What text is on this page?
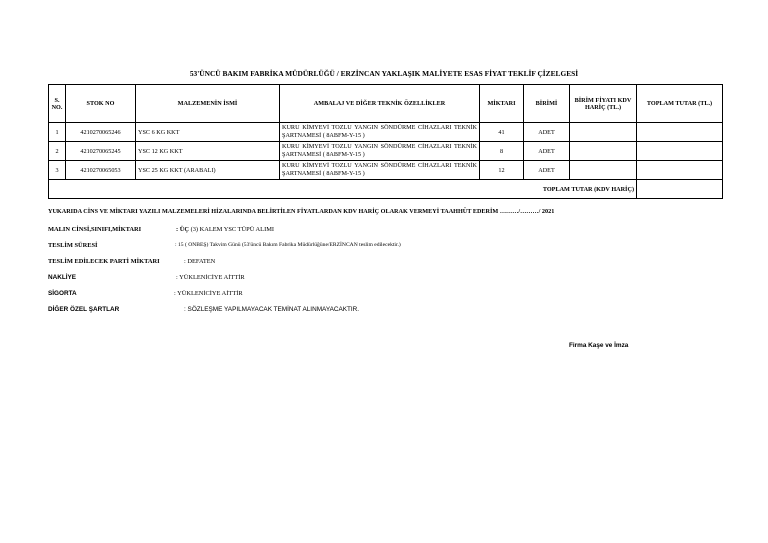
53'ÜNCÜ BAKIM FABRİKA MÜDÜRLÜĞÜ / ERZİNCAN YAKLAŞIK MALİYETE ESAS FİYAT TEKLİF ÇİZELGESİ
S. NO.	STOK NO	MALZEMENİN İSMİ	AMBALAJ VE DİĞER TEKNİK ÖZELLİKLER	MİKTARI	BİRİMİ	BİRİM FİYATI KDV HARİÇ (TL.)	TOPLAM TUTAR (TL.)
1	4210270065246	YSC 6 KG KKT	KURU KİMYEVİ TOZLU YANGIN SÖNDÜRME CİHAZLARI TEKNİK ŞARTNAMESİ ( 8ABFM-Y-15 )	41	ADET		
2	4210270065245	YSC 12 KG KKT	KURU KİMYEVİ TOZLU YANGIN SÖNDÜRME CİHAZLARI TEKNİK ŞARTNAMESİ ( 8ABFM-Y-15 )	8	ADET		
3	4210270065053	YSC 25 KG KKT (ARABALI)	KURU KİMYEVİ TOZLU YANGIN SÖNDÜRME CİHAZLARI TEKNİK ŞARTNAMESİ ( 8ABFM-Y-15 )	12	ADET		
TOPLAM TUTAR (KDV HARİÇ)							
YUKARIDA CİNS VE MİKTARI YAZILI MALZEMELERİ HİZALARINDA BELİRTİLEN FİYATLARDAN KDV HARİÇ OLARAK VERMEYİ TAAHHÜT EDERİM ………/………/ 2021
MALIN CİNSİ,SINIFI,MİKTARI	: ÜÇ (3) KALEM YSC TÜPÜ ALIMI
TESLİM SÜRESİ	: 15 ( ONBEŞ) Takvim Günü (53'üncü Bakım Fabrika Müdürlüğüne/ERZİNCAN teslim edilecektir.)
TESLİM EDİLECEK PARTİ MİKTARI	: DEFATEN
NAKLİYE	: YÜKLENİCİYE AİTTİR
SİGORTA	: YÜKLENİCİYE AİTTİR
DİĞER ÖZEL ŞARTLAR	: SÖZLEŞME YAPILMAYACAK TEMİNAT ALINMAYACAKTIR.
Firma Kaşe ve İmza
